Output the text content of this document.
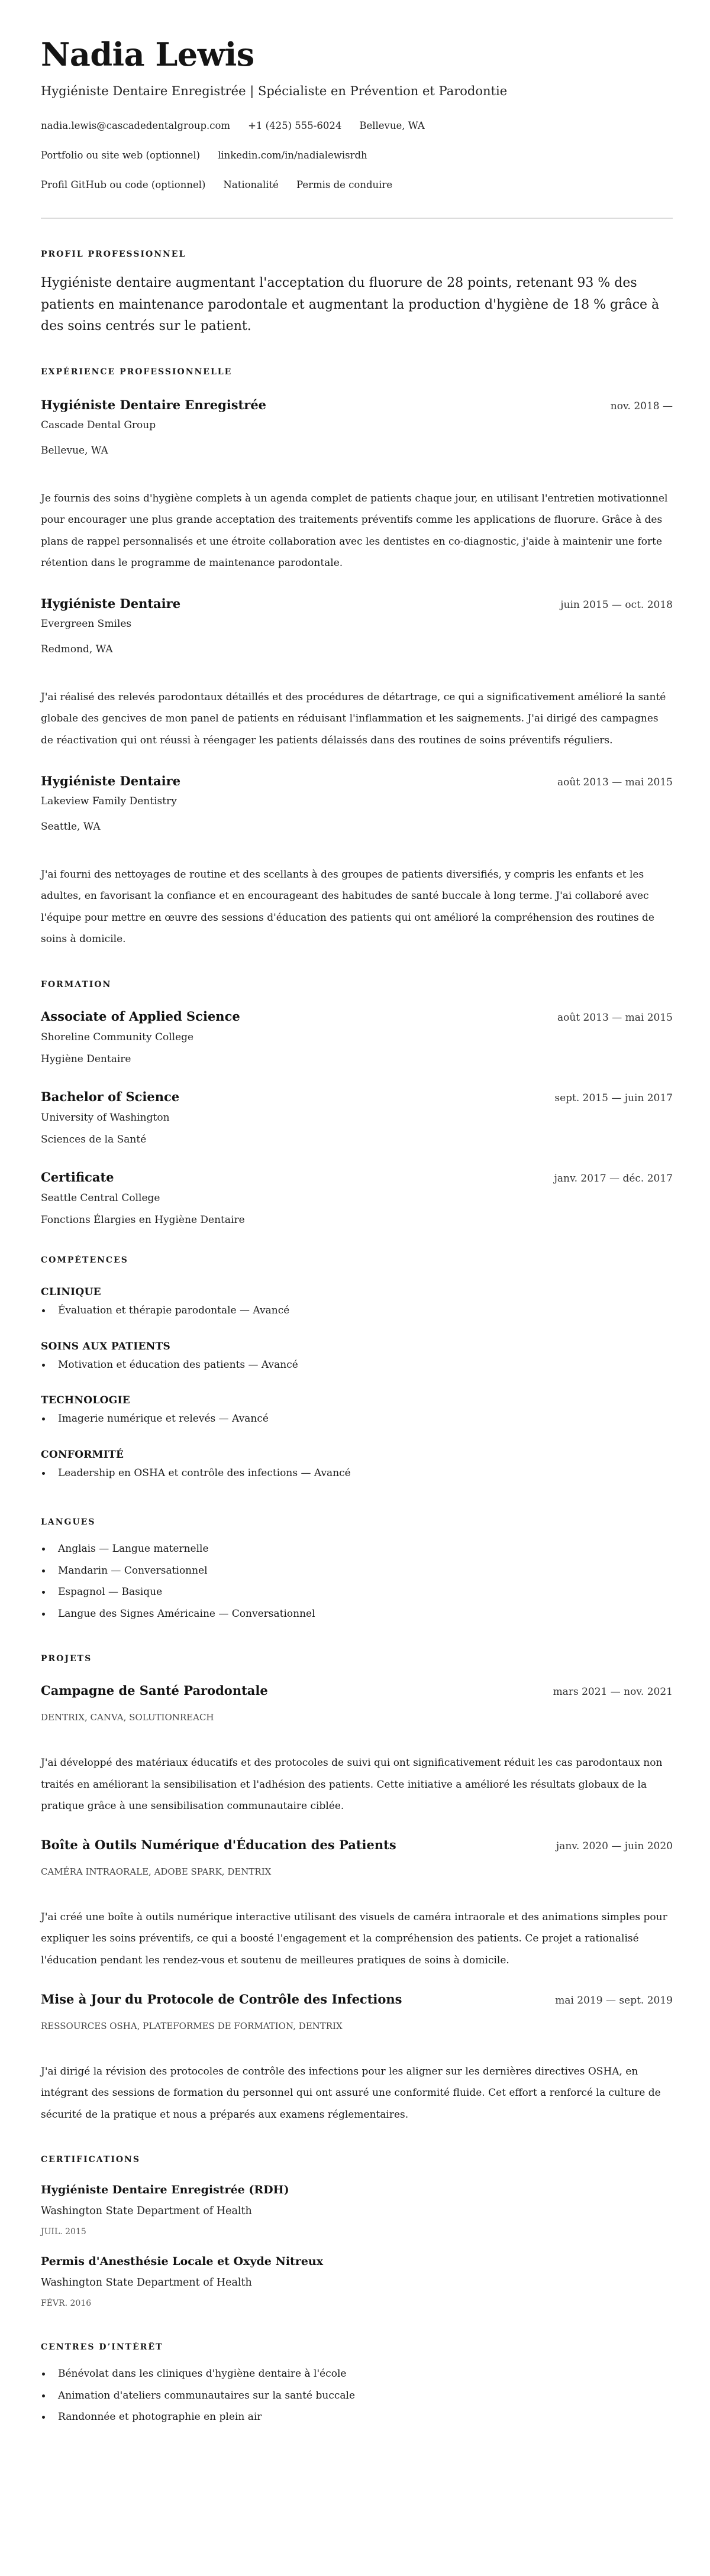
Nadia Lewis
Hygiéniste Dentaire Enregistrée | Spécialiste en Prévention et Parodontie
nadia.lewis@cascadedentalgroup.com +1 (425) 555-6024 Bellevue, WA
Portfolio ou site web (optionnel) linkedin.com/in/nadialewisrdh
Profil GitHub ou code (optionnel) Nationalité Permis de conduire
PROFIL PROFESSIONNEL

Hygiéniste dentaire augmentant l'acceptation du fluorure de 28 points, retenant 93 % des patients en maintenance parodontale et augmentant la production d'hygiène de 18 % grâce à des soins centrés sur le patient.

EXPÉRIENCE PROFESSIONNELLE
Hygiéniste Dentaire Enregistrée	nov. 2018 —
Cascade Dental Group
Bellevue, WA
Je fournis des soins d'hygiène complets à un agenda complet de patients chaque jour, en utilisant l'entretien motivationnel pour encourager une plus grande acceptation des traitements préventifs comme les applications de fluorure. Grâce à des plans de rappel personnalisés et une étroite collaboration avec les dentistes en co-diagnostic, j'aide à maintenir une forte rétention dans le programme de maintenance parodontale.
Hygiéniste Dentaire	juin 2015 — oct. 2018
Evergreen Smiles
Redmond, WA
J'ai réalisé des relevés parodontaux détaillés et des procédures de détartrage, ce qui a significativement amélioré la santé globale des gencives de mon panel de patients en réduisant l'inflammation et les saignements. J'ai dirigé des campagnes de réactivation qui ont réussi à réengager les patients délaissés dans des routines de soins préventifs réguliers.
Hygiéniste Dentaire	août 2013 — mai 2015
Lakeview Family Dentistry
Seattle, WA
J'ai fourni des nettoyages de routine et des scellants à des groupes de patients diversifiés, y compris les enfants et les adultes, en favorisant la confiance et en encourageant des habitudes de santé buccale à long terme. J'ai collaboré avec l'équipe pour mettre en œuvre des sessions d'éducation des patients qui ont amélioré la compréhension des routines de soins à domicile.
FORMATION
Associate of Applied Science	août 2013 — mai 2015
Shoreline Community College
Hygiène Dentaire
Bachelor of Science	sept. 2015 — juin 2017
University of Washington
Sciences de la Santé
Certificate	janv. 2017 — déc. 2017
Seattle Central College
Fonctions Élargies en Hygiène Dentaire
COMPÉTENCES
CLINIQUE
Évaluation et thérapie parodontale — Avancé
SOINS AUX PATIENTS
Motivation et éducation des patients — Avancé
TECHNOLOGIE
Imagerie numérique et relevés — Avancé
CONFORMITÉ
Leadership en OSHA et contrôle des infections — Avancé
LANGUES
Anglais — Langue maternelle
Mandarin — Conversationnel
Espagnol — Basique
Langue des Signes Américaine — Conversationnel
PROJETS
Campagne de Santé Parodontale	mars 2021 — nov. 2021
DENTRIX, CANVA, SOLUTIONREACH
J'ai développé des matériaux éducatifs et des protocoles de suivi qui ont significativement réduit les cas parodontaux non traités en améliorant la sensibilisation et l'adhésion des patients. Cette initiative a amélioré les résultats globaux de la pratique grâce à une sensibilisation communautaire ciblée.
Boîte à Outils Numérique d'Éducation des Patients	janv. 2020 — juin 2020
CAMÉRA INTRAORALE, ADOBE SPARK, DENTRIX
J'ai créé une boîte à outils numérique interactive utilisant des visuels de caméra intraorale et des animations simples pour expliquer les soins préventifs, ce qui a boosté l'engagement et la compréhension des patients. Ce projet a rationalisé l'éducation pendant les rendez-vous et soutenu de meilleures pratiques de soins à domicile.
Mise à Jour du Protocole de Contrôle des Infections	mai 2019 — sept. 2019
RESSOURCES OSHA, PLATEFORMES DE FORMATION, DENTRIX
J'ai dirigé la révision des protocoles de contrôle des infections pour les aligner sur les dernières directives OSHA, en intégrant des sessions de formation du personnel qui ont assuré une conformité fluide. Cet effort a renforcé la culture de sécurité de la pratique et nous a préparés aux examens réglementaires.
CERTIFICATIONS
Hygiéniste Dentaire Enregistrée (RDH)
Washington State Department of Health
JUIL. 2015
Permis d'Anesthésie Locale et Oxyde Nitreux
Washington State Department of Health
FÉVR. 2016
CENTRES D’INTÉRÊT
Bénévolat dans les cliniques d'hygiène dentaire à l'école
Animation d'ateliers communautaires sur la santé buccale
Randonnée et photographie en plein air
